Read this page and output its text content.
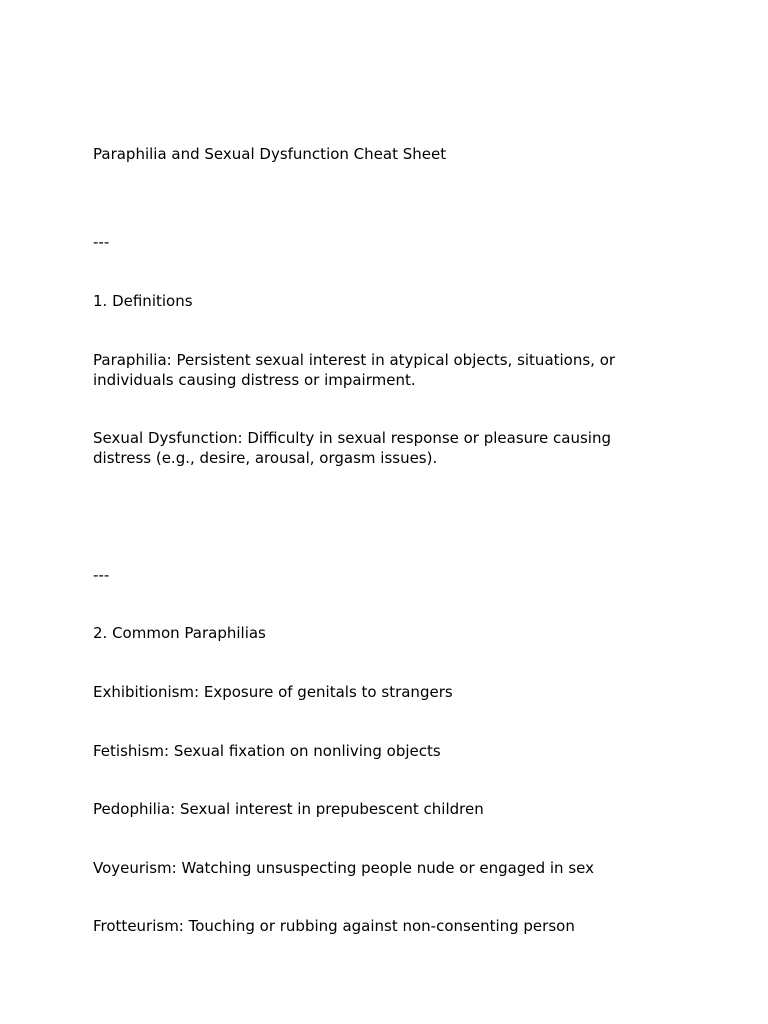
Paraphilia and Sexual Dysfunction Cheat Sheet

---

1. Definitions

Paraphilia: Persistent sexual interest in atypical objects, situations, or individuals causing distress or impairment.

Sexual Dysfunction: Difficulty in sexual response or pleasure causing distress (e.g., desire, arousal, orgasm issues).

---

2. Common Paraphilias

Exhibitionism: Exposure of genitals to strangers

Fetishism: Sexual fixation on nonliving objects

Pedophilia: Sexual interest in prepubescent children

Voyeurism: Watching unsuspecting people nude or engaged in sex

Frotteurism: Touching or rubbing against non-consenting person
